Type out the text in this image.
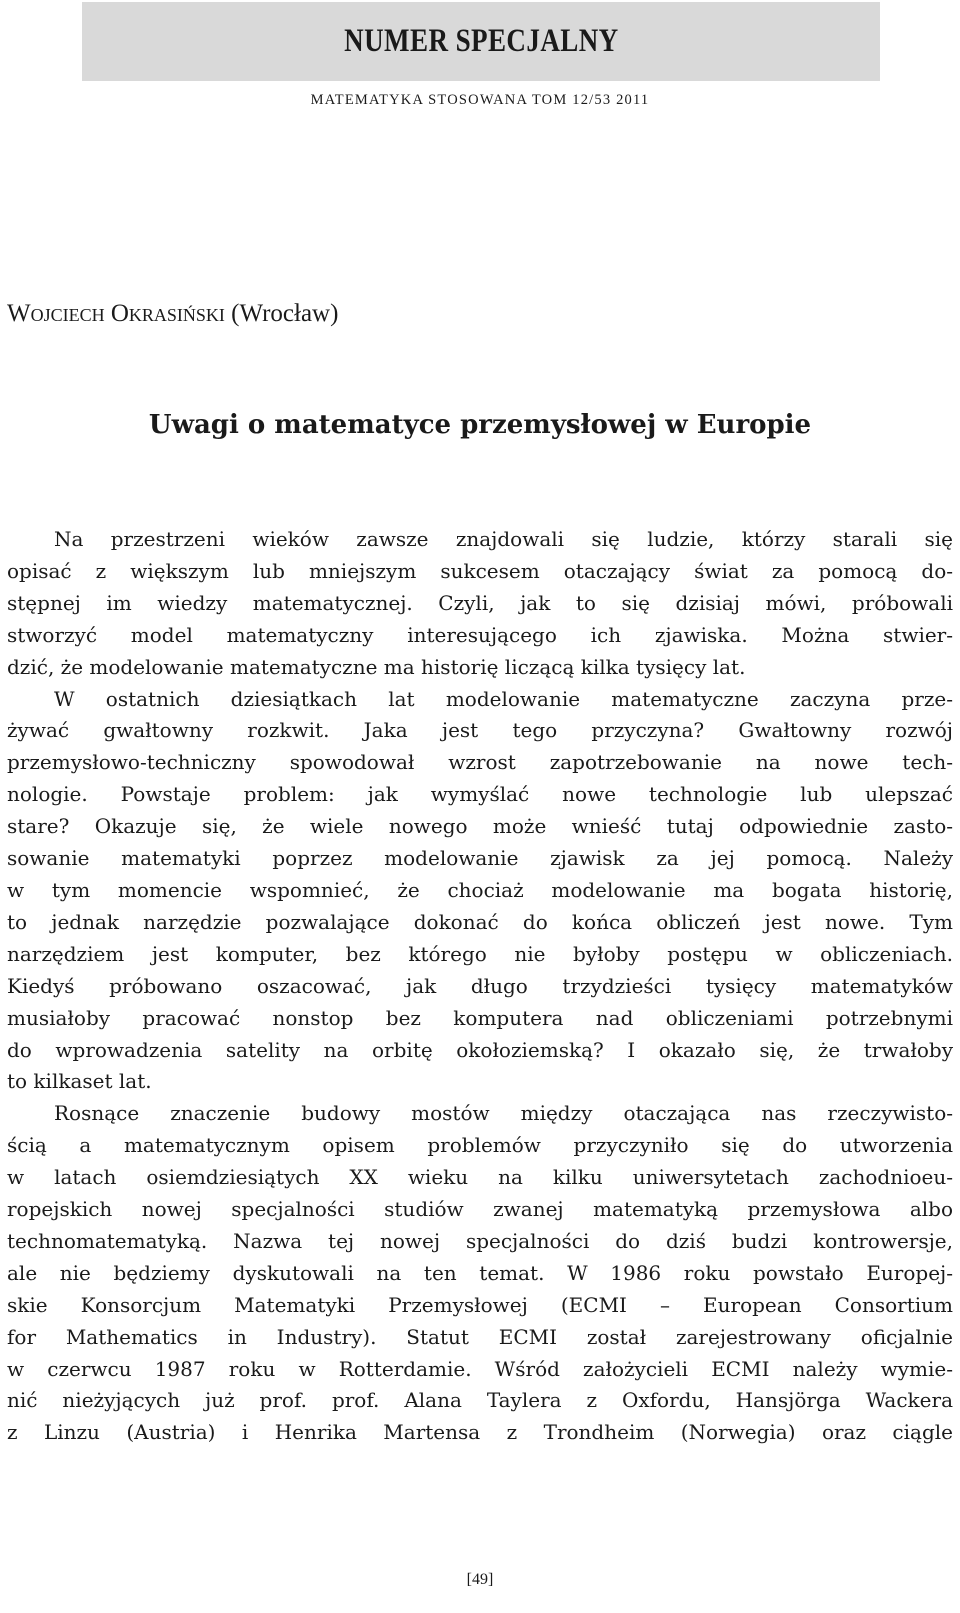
NUMER SPECJALNY
MATEMATYKA STOSOWANA TOM 12/53 2011
Wojciech Okrasiński (Wrocław)
Uwagi o matematyce przemysłowej w Europie
Na przestrzeni wieków zawsze znajdowali się ludzie, którzy starali się
opisać z większym lub mniejszym sukcesem otaczający świat za pomocą do-
stępnej im wiedzy matematycznej. Czyli, jak to się dzisiaj mówi, próbowali
stworzyć model matematyczny interesującego ich zjawiska. Można stwier-
dzić, że modelowanie matematyczne ma historię liczącą kilka tysięcy lat.
W ostatnich dziesiątkach lat modelowanie matematyczne zaczyna prze-
żywać gwałtowny rozkwit. Jaka jest tego przyczyna? Gwałtowny rozwój
przemysłowo-techniczny spowodował wzrost zapotrzebowanie na nowe tech-
nologie. Powstaje problem: jak wymyślać nowe technologie lub ulepszać
stare? Okazuje się, że wiele nowego może wnieść tutaj odpowiednie zasto-
sowanie matematyki poprzez modelowanie zjawisk za jej pomocą. Należy
w tym momencie wspomnieć, że chociaż modelowanie ma bogata historię,
to jednak narzędzie pozwalające dokonać do końca obliczeń jest nowe. Tym
narzędziem jest komputer, bez którego nie byłoby postępu w obliczeniach.
Kiedyś próbowano oszacować, jak długo trzydzieści tysięcy matematyków
musiałoby pracować nonstop bez komputera nad obliczeniami potrzebnymi
do wprowadzenia satelity na orbitę okołoziemską? I okazało się, że trwałoby
to kilkaset lat.
Rosnące znaczenie budowy mostów między otaczająca nas rzeczywisto-
ścią a matematycznym opisem problemów przyczyniło się do utworzenia
w latach osiemdziesiątych XX wieku na kilku uniwersytetach zachodnioeu-
ropejskich nowej specjalności studiów zwanej matematyką przemysłowa albo
technomatematyką. Nazwa tej nowej specjalności do dziś budzi kontrowersje,
ale nie będziemy dyskutowali na ten temat. W 1986 roku powstało Europej-
skie Konsorcjum Matematyki Przemysłowej (ECMI – European Consortium
for Mathematics in Industry). Statut ECMI został zarejestrowany oficjalnie
w czerwcu 1987 roku w Rotterdamie. Wśród założycieli ECMI należy wymie-
nić nieżyjących już prof. prof. Alana Taylera z Oxfordu, Hansjörga Wackera
z Linzu (Austria) i Henrika Martensa z Trondheim (Norwegia) oraz ciągle
[49]
